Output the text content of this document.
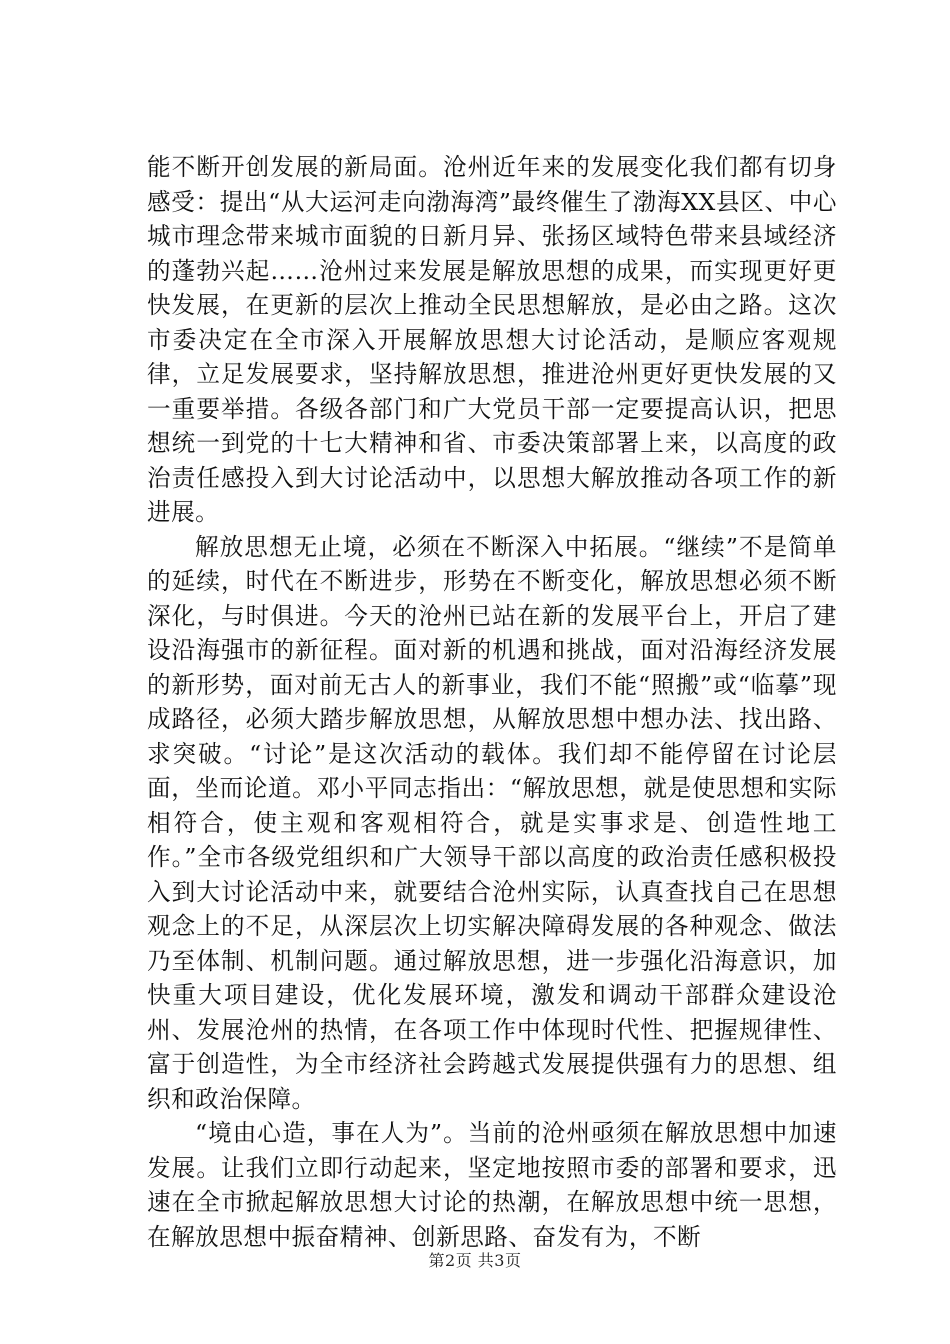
能不断开创发展的新局面。沧州近年来的发展变化我们都有切身感受：提出“从大运河走向渤海湾”最终催生了渤海XX县区、中心城市理念带来城市面貌的日新月异、张扬区域特色带来县域经济的蓬勃兴起……沧州过来发展是解放思想的成果，而实现更好更快发展，在更新的层次上推动全民思想解放，是必由之路。这次市委决定在全市深入开展解放思想大讨论活动，是顺应客观规律，立足发展要求，坚持解放思想，推进沧州更好更快发展的又一重要举措。各级各部门和广大党员干部一定要提高认识，把思想统一到党的十七大精神和省、市委决策部署上来，以高度的政治责任感投入到大讨论活动中，以思想大解放推动各项工作的新进展。

解放思想无止境，必须在不断深入中拓展。“继续”不是简单的延续，时代在不断进步，形势在不断变化，解放思想必须不断深化，与时俱进。今天的沧州已站在新的发展平台上，开启了建设沿海强市的新征程。面对新的机遇和挑战，面对沿海经济发展的新形势，面对前无古人的新事业，我们不能“照搬”或“临摹”现成路径，必须大踏步解放思想，从解放思想中想办法、找出路、求突破。“讨论”是这次活动的载体。我们却不能停留在讨论层面，坐而论道。邓小平同志指出：“解放思想，就是使思想和实际相符合，使主观和客观相符合，就是实事求是、创造性地工作。”全市各级党组织和广大领导干部以高度的政治责任感积极投入到大讨论活动中来，就要结合沧州实际，认真查找自己在思想观念上的不足，从深层次上切实解决障碍发展的各种观念、做法乃至体制、机制问题。通过解放思想，进一步强化沿海意识，加快重大项目建设，优化发展环境，激发和调动干部群众建设沧州、发展沧州的热情，在各项工作中体现时代性、把握规律性、富于创造性，为全市经济社会跨越式发展提供强有力的思想、组织和政治保障。

“境由心造，事在人为”。当前的沧州亟须在解放思想中加速发展。让我们立即行动起来，坚定地按照市委的部署和要求，迅速在全市掀起解放思想大讨论的热潮，在解放思想中统一思想，在解放思想中振奋精神、创新思路、奋发有为，不断

第2页 共3页
